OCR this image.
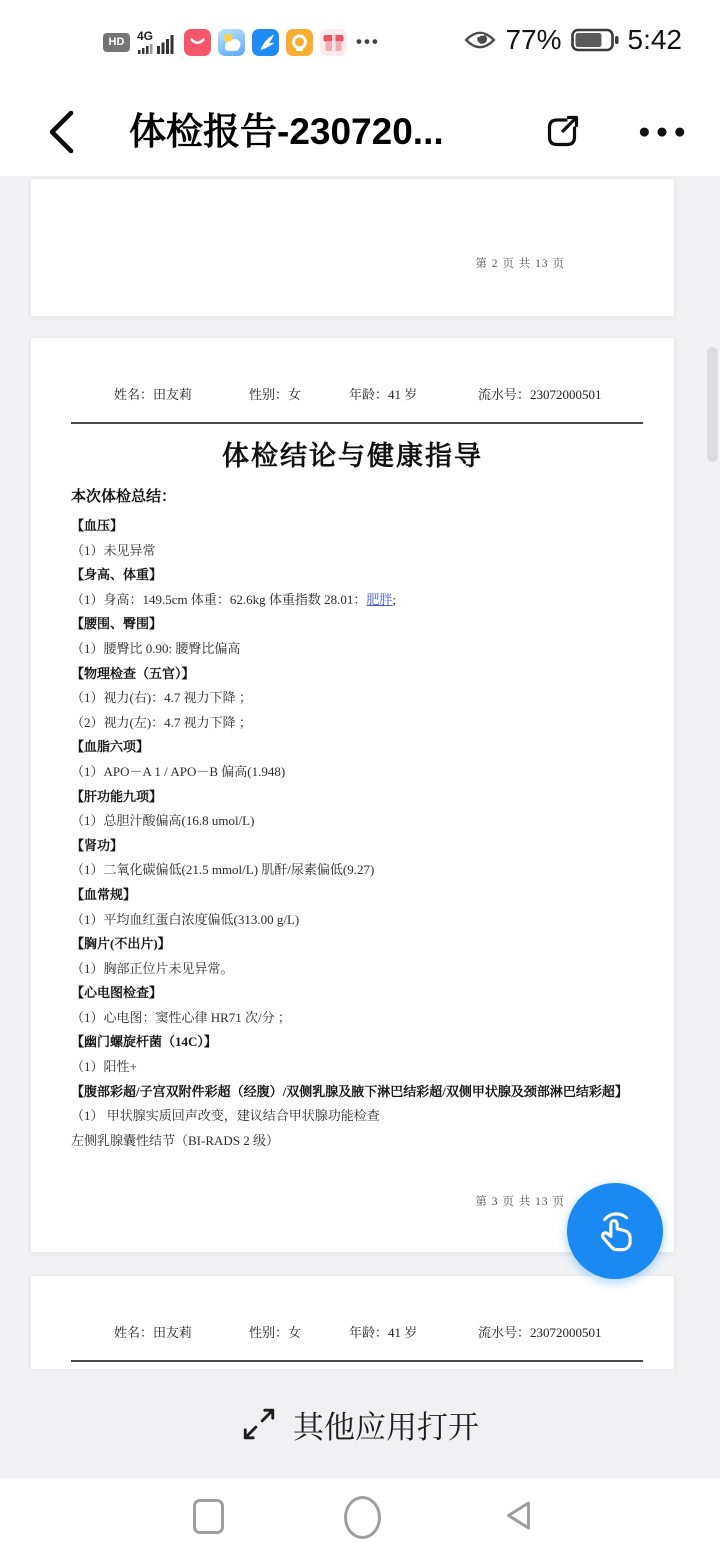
HD	4G	•••	77% 5:42
体检报告-230720...	●●●
第 2 页 共 13 页
姓名：田友莉	性别：女	年龄：41 岁	流水号：23072000501
体检结论与健康指导
本次体检总结：
【血压】
（1）未见异常
【身高、体重】
（1）身高：149.5cm 体重：62.6kg 体重指数 28.01：肥胖;
【腰围、臀围】
（1）腰臀比 0.90: 腰臀比偏高
【物理检查（五官）】
（1）视力(右)：4.7 视力下降 ；
（2）视力(左)：4.7 视力下降 ；
【血脂六项】
（1）APO－A 1 / APO－B 偏高(1.948)
【肝功能九项】
（1）总胆汁酸偏高(16.8 umol/L)
【肾功】
（1）二氧化碳偏低(21.5 mmol/L) 肌酐/尿素偏低(9.27)
【血常规】
（1）平均血红蛋白浓度偏低(313.00 g/L)
【胸片(不出片)】
（1）胸部正位片未见异常。
【心电图检查】
（1）心电图：窦性心律 HR71 次/分 ；
【幽门螺旋杆菌（14C）】
（1）阳性+
【腹部彩超/子宫双附件彩超（经腹）/双侧乳腺及腋下淋巴结彩超/双侧甲状腺及颈部淋巴结彩超】
（1） 甲状腺实质回声改变，建议结合甲状腺功能检查
左侧乳腺囊性结节（BI-RADS 2 级）
第 3 页 共 13 页
姓名：田友莉	性别：女	年龄：41 岁	流水号：23072000501
其他应用打开
